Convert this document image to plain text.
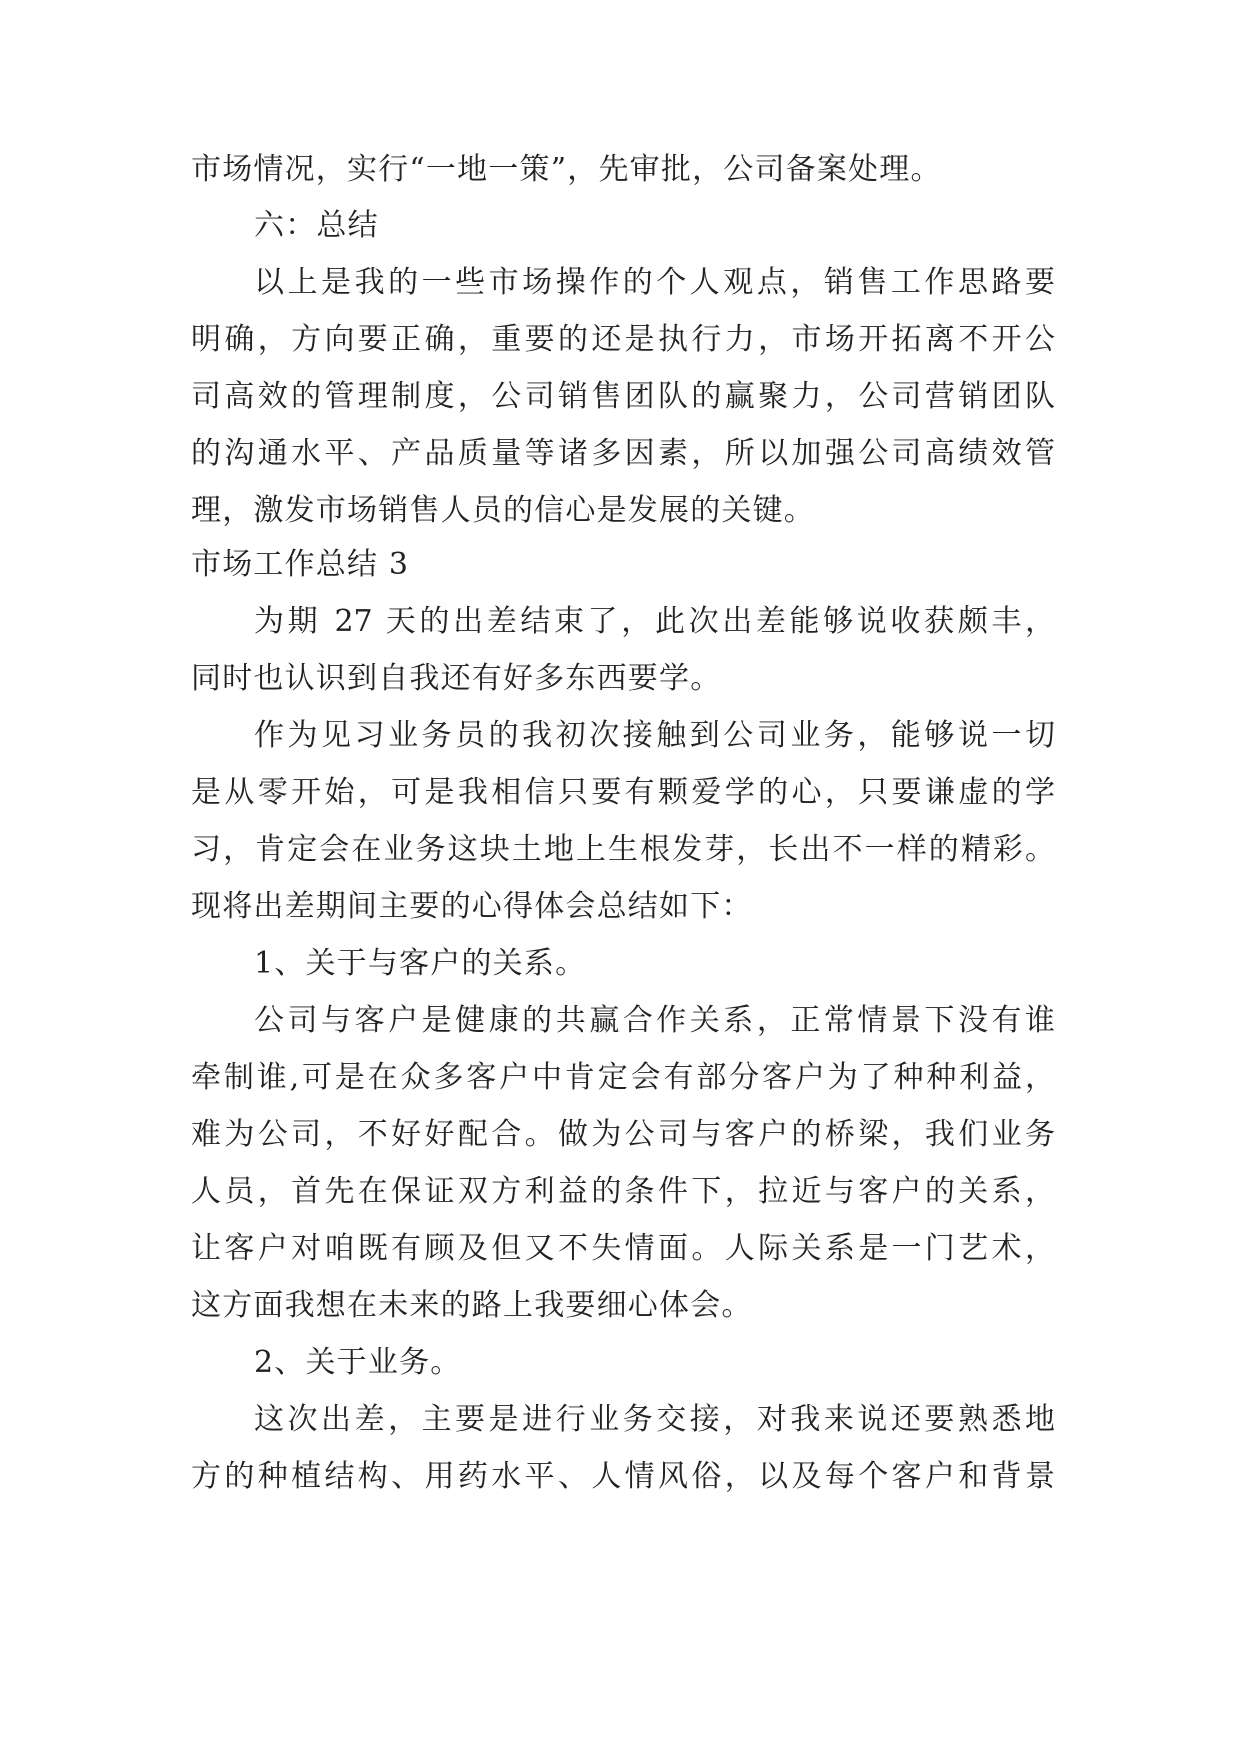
市场情况，实行“一地一策”，先审批，公司备案处理。
六：总结
以上是我的一些市场操作的个人观点，销售工作思路要
明确，方向要正确，重要的还是执行力，市场开拓离不开公
司高效的管理制度，公司销售团队的赢聚力，公司营销团队
的沟通水平、产品质量等诸多因素，所以加强公司高绩效管
理，激发市场销售人员的信心是发展的关键。
市场工作总结 3
为期 27 天的出差结束了，此次出差能够说收获颇丰，
同时也认识到自我还有好多东西要学。
作为见习业务员的我初次接触到公司业务，能够说一切
是从零开始，可是我相信只要有颗爱学的心，只要谦虚的学
习，肯定会在业务这块土地上生根发芽，长出不一样的精彩。
现将出差期间主要的心得体会总结如下：
1、关于与客户的关系。
公司与客户是健康的共赢合作关系，正常情景下没有谁
牵制谁,可是在众多客户中肯定会有部分客户为了种种利益，
难为公司，不好好配合。做为公司与客户的桥梁，我们业务
人员，首先在保证双方利益的条件下，拉近与客户的关系，
让客户对咱既有顾及但又不失情面。人际关系是一门艺术，
这方面我想在未来的路上我要细心体会。
2、关于业务。
这次出差，主要是进行业务交接，对我来说还要熟悉地
方的种植结构、用药水平、人情风俗，以及每个客户和背景
